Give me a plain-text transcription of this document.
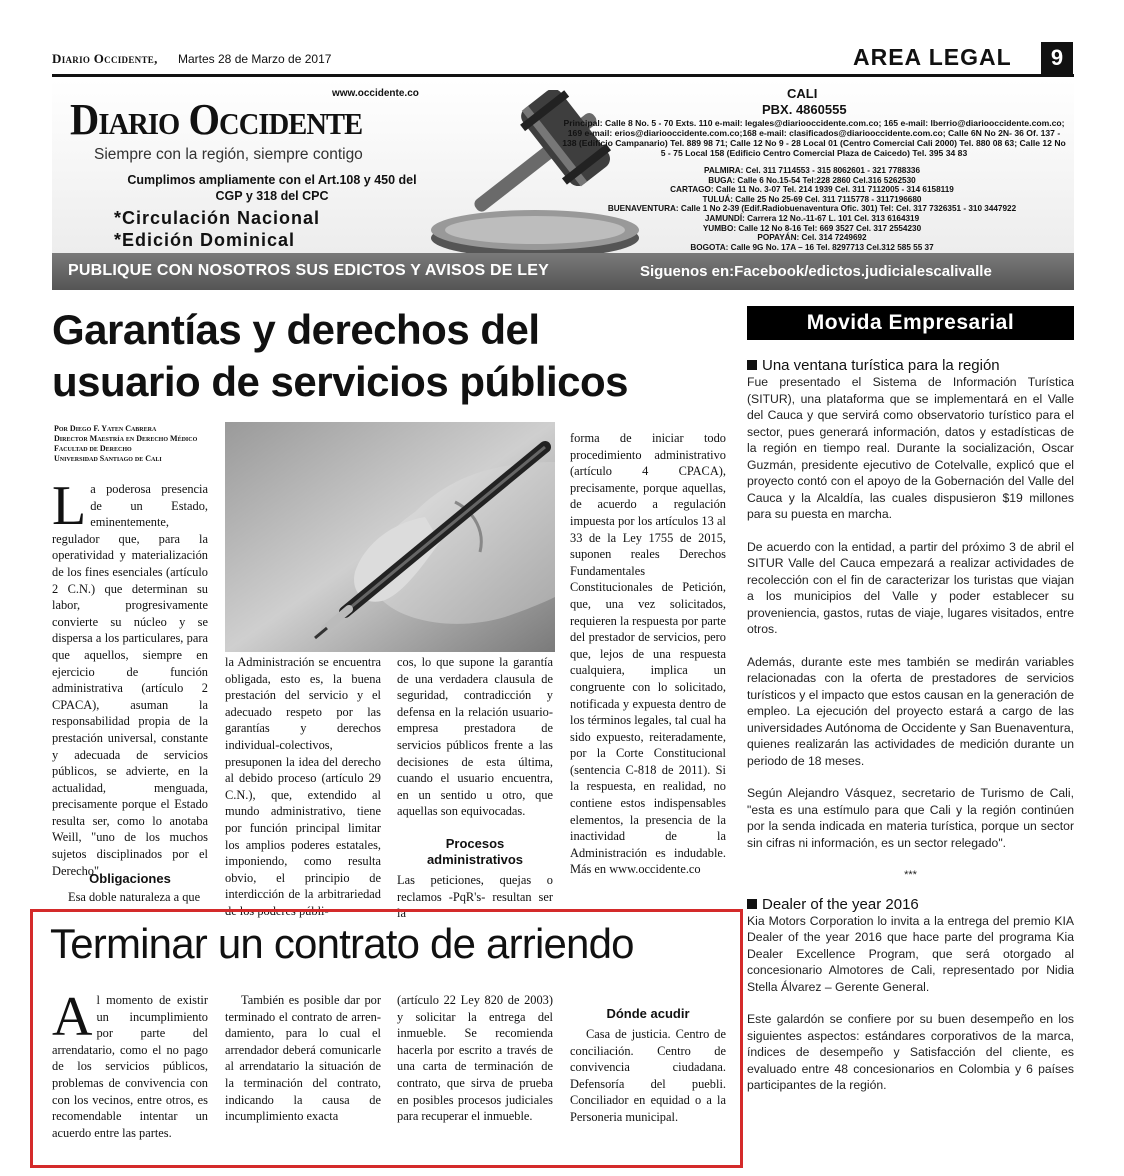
Diario Occidente, Martes 28 de Marzo de 2017	AREA LEGAL	9
www.occidente.co
Diario Occidente
Siempre con la región, siempre contigo
Cumplimos ampliamente con el Art.108 y 450 del CGP y 318 del CPC
*Circulación Nacional
*Edición Dominical
CALI
PBX. 4860555
Principal: Calle 8 No. 5 - 70 Exts. 110 e-mail: legales@diariooccidente.com.co; 165 e-mail: lberrio@diariooccidente.com.co; 169 e-mail: erios@diariooccidente.com.co;168 e-mail: clasificados@diariooccidente.com.co; Calle 6N No 2N- 36 Of. 137 - 138 (Edificio Campanario) Tel. 889 98 71; Calle 12 No 9 - 28 Local 01 (Centro Comercial Cali 2000) Tel. 880 08 63; Calle 12 No 5 - 75 Local 158 (Edificio Centro Comercial Plaza de Caicedo) Tel. 395 34 83
PALMIRA: Cel. 311 7114553 - 315 8062601 - 321 7788336
BUGA: Calle 6 No.15-54 Tel:228 2860 Cel.316 5262530
CARTAGO: Calle 11 No. 3-07 Tel. 214 1939 Cel. 311 7112005 - 314 6158119
TULUÁ: Calle 25 No 25-69 Cel. 311 7115778 - 3117196680
BUENAVENTURA: Calle 1 No 2-39 (Edif.Radiobuenaventura Ofic. 301) Tel: Cel. 317 7326351 - 310 3447922
JAMUNDÍ: Carrera 12 No.-11-67 L. 101 Cel. 313 6164319
YUMBO: Calle 12 No 8-16 Tel: 669 3527 Cel. 317 2554230
POPAYÁN: Cel. 314 7249692
BOGOTA: Calle 9G No. 17A – 16 Tel. 8297713 Cel.312 585 55 37
PUBLIQUE CON NOSOTROS SUS EDICTOS Y AVISOS DE LEY	Siguenos en:Facebook/edictos.judicialescalivalle
Garantías y derechos del
usuario de servicios públicos
Por Diego F. Yaten Cabrera
Director Maestría en Derecho Médico
Facultad de Derecho
Universidad Santiago de Cali
La poderosa presencia de un Estado, eminentemente, regulador que, para la operatividad y materialización de los fines esenciales (artículo 2 C.N.) que determinan su labor, progresivamente convierte su núcleo y se dispersa a los particulares, para que aquellos, siempre en ejercicio de función administrativa (artículo 2 CPACA), asuman la responsabilidad propia de la prestación universal, constante y adecuada de servicios públicos, se advierte, en la actualidad, menguada, precisamente porque el Estado resulta ser, como lo anotaba Weill, "uno de los muchos sujetos disciplinados por el Derecho".
Obligaciones
Esa doble naturaleza a que
la Administración se encuentra obligada, esto es, la buena prestación del servicio y el adecuado respeto por las garantías y derechos individual-colectivos, presuponen la idea del derecho al debido proceso (artículo 29 C.N.), que, extendido al mundo administrativo, tiene por función principal limitar los amplios poderes estatales, imponiendo, como resulta obvio, el principio de interdicción de la arbitrariedad de los poderes públi-
cos, lo que supone la garantía de una verdadera clausula de seguridad, contradicción y defensa en la relación usuario-empresa prestadora de servicios públicos frente a las decisiones de esta última, cuando el usuario encuentra, en un sentido u otro, que aquellas son equivocadas.
Procesos administrativos
Las peticiones, quejas o reclamos -PqR's- resultan ser la
forma de iniciar todo procedimiento administrativo (artículo 4 CPACA), precisamente, porque aquellas, de acuerdo a regulación impuesta por los artículos 13 al 33 de la Ley 1755 de 2015, suponen reales Derechos Fundamentales Constitucionales de Petición, que, una vez solicitados, requieren la respuesta por parte del prestador de servicios, pero que, lejos de una respuesta cualquiera, implica un congruente con lo solicitado, notificada y expuesta dentro de los términos legales, tal cual ha sido expuesto, reiteradamente, por la Corte Constitucional (sentencia C-818 de 2011). Si la respuesta, en realidad, no contiene estos indispensables elementos, la presencia de la inactividad de la Administración es indudable. Más en www.occidente.co
Terminar un contrato de arriendo
Al momento de existir un incumplimiento por parte del arrendatario, como el no pago de los servicios públicos, problemas de convivencia con con los vecinos, entre otros, es recomendable intentar un acuerdo entre las partes.
También es posible dar por terminado el contrato de arren-damiento, para lo cual el arrendador deberá comunicarle al arrendatario la situación de la terminación del contrato, indicando la causa de incumplimiento exacta
(artículo 22 Ley 820 de 2003) y solicitar la entrega del inmueble. Se recomienda hacerla por escrito a través de una carta de terminación de contrato, que sirva de prueba en posibles procesos judiciales para recuperar el inmueble.
Dónde acudir
Casa de justicia. Centro de conciliación. Centro de convivencia ciudadana. Defensoría del puebli. Conciliador en equidad o a la Personeria municipal.
Movida Empresarial
Una ventana turística para la región

Fue presentado el Sistema de Información Turística (SITUR), una plataforma que se implementará en el Valle del Cauca y que servirá como observatorio turístico para el sector, pues generará información, datos y estadísticas de la región en tiempo real. Durante la socialización, Oscar Guzmán, presidente ejecutivo de Cotelvalle, explicó que el proyecto contó con el apoyo de la Gobernación del Valle del Cauca y la Alcaldía, las cuales dispusieron $19 millones para su puesta en marcha.

De acuerdo con la entidad, a partir del próximo 3 de abril el SITUR Valle del Cauca empezará a realizar actividades de recolección con el fin de caracterizar los turistas que viajan a los municipios del Valle y poder establecer su proveniencia, gastos, rutas de viaje, lugares visitados, entre otros.

Además, durante este mes también se medirán variables relacionadas con la oferta de prestadores de servicios turísticos y el impacto que estos causan en la generación de empleo. La ejecución del proyecto estará a cargo de las universidades Autónoma de Occidente y San Buenaventura, quienes realizarán las actividades de medición durante un periodo de 18 meses.

Según Alejandro Vásquez, secretario de Turismo de Cali, "esta es una estímulo para que Cali y la región continúen por la senda indicada en materia turística, porque un sector sin cifras ni información, es un sector relegado".

***

Dealer of the year 2016

Kia Motors Corporation lo invita a la entrega del premio KIA Dealer of the year 2016 que hace parte del programa Kia Dealer Excellence Program, que será otorgado al concesionario Almotores de Cali, representado por Nidia Stella Álvarez – Gerente General.

Este galardón se confiere por su buen desempeño en los siguientes aspectos: estándares corporativos de la marca, índices de desempeño y Satisfacción del cliente, es evaluado entre 48 concesionarios en Colombia y 6 países participantes de la región.
